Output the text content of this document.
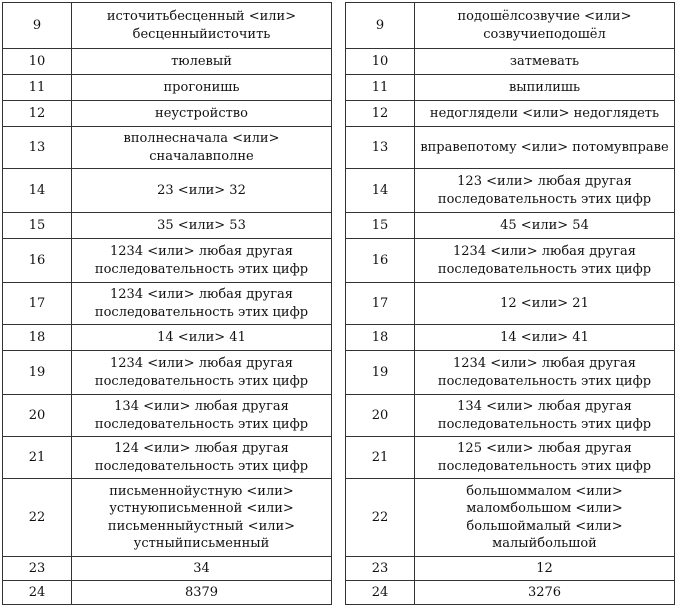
9	источитьбесценный <или>
бесценныйисточить
10	тюлевый
11	прогонишь
12	неустройство
13	вполнесначала <или>
сначалавполне
14	23 <или> 32
15	35 <или> 53
16	1234 <или> любая другая
последовательность этих цифр
17	1234 <или> любая другая
последовательность этих цифр
18	14 <или> 41
19	1234 <или> любая другая
последовательность этих цифр
20	134 <или> любая другая
последовательность этих цифр
21	124 <или> любая другая
последовательность этих цифр
22	письменнойустную <или>
устнуюписьменной <или>
письменныйустный <или>
устныйписьменный
23	34
24	8379
9	подошёлсозвучие <или>
созвучиеподошёл
10	затмевать
11	выпилишь
12	недоглядели <или> недоглядеть
13	вправепотому <или> потомувправе
14	123 <или> любая другая
последовательность этих цифр
15	45 <или> 54
16	1234 <или> любая другая
последовательность этих цифр
17	12 <или> 21
18	14 <или> 41
19	1234 <или> любая другая
последовательность этих цифр
20	134 <или> любая другая
последовательность этих цифр
21	125 <или> любая другая
последовательность этих цифр
22	большоммалом <или>
маломбольшом <или>
большоймалый <или>
малыйбольшой
23	12
24	3276
